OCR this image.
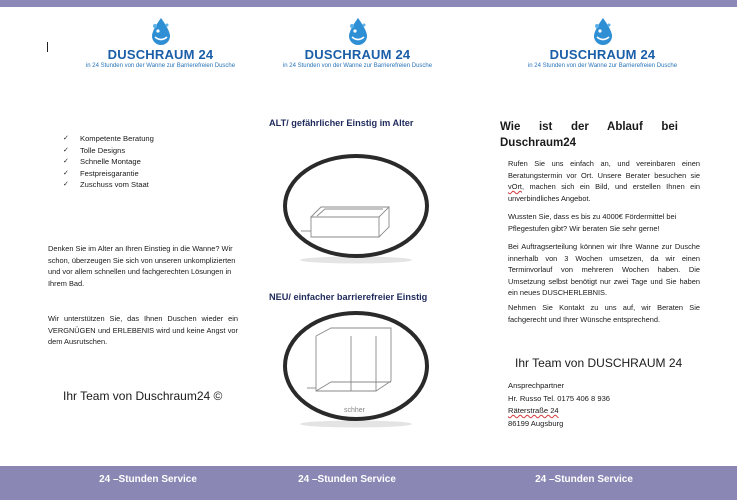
DUSCHRAUM 24
in 24 Stunden von der Wanne zur Barrierefreien Dusche
✓ Kompetente Beratung
✓ Tolle Designs
✓ Schnelle Montage
✓ Festpreisgarantie
✓ Zuschuss vom Staat

Denken Sie im Alter an Ihren Einstieg in die Wanne? Wir schon, überzeugen Sie sich von unseren unkomplizierten und vor allem schnellen und fachgerechten Lösungen in Ihrem Bad.

Wir unterstützen Sie, das Ihnen Duschen wieder ein VERGNÜGEN und ERLEBENIS wird und keine Angst vor dem Ausrutschen.

Ihr Team von Duschraum24 ©
DUSCHRAUM 24
in 24 Stunden von der Wanne zur Barrierefreien Dusche
ALT/ gefährlicher Einstig im Alter
NEU/ einfacher barrierefreier Einstig
schher
DUSCHRAUM 24
in 24 Stunden von der Wanne zur Barrierefreien Dusche
Wie ist der Ablauf bei
Duschraum24

Rufen Sie uns einfach an, und vereinbaren einen Beratungstermin vor Ort. Unsere Berater besuchen sie vOrt, machen sich ein Bild, und erstellen Ihnen ein unverbindliches Angebot.

Wussten Sie, dass es bis zu 4000€ Fördermittel bei Pflegestufen gibt? Wir beraten Sie sehr gerne!

Bei Auftragserteilung können wir Ihre Wanne zur Dusche innerhalb von 3 Wochen umsetzen, da wir einen Terminvorlauf von mehreren Wochen haben. Die Umsetzung selbst benötigt nur zwei Tage und Sie haben ein neues DUSCHERLEBNIS.

Nehmen Sie Kontakt zu uns auf, wir Beraten Sie fachgerecht und Ihrer Wünsche entsprechend.

Ihr Team von DUSCHRAUM 24
Ansprechpartner
Hr. Russo Tel. 0175 406 8 936
Räterstraße 24
86199 Augsburg
24 –Stunden Service	24 –Stunden Service	24 –Stunden Service
